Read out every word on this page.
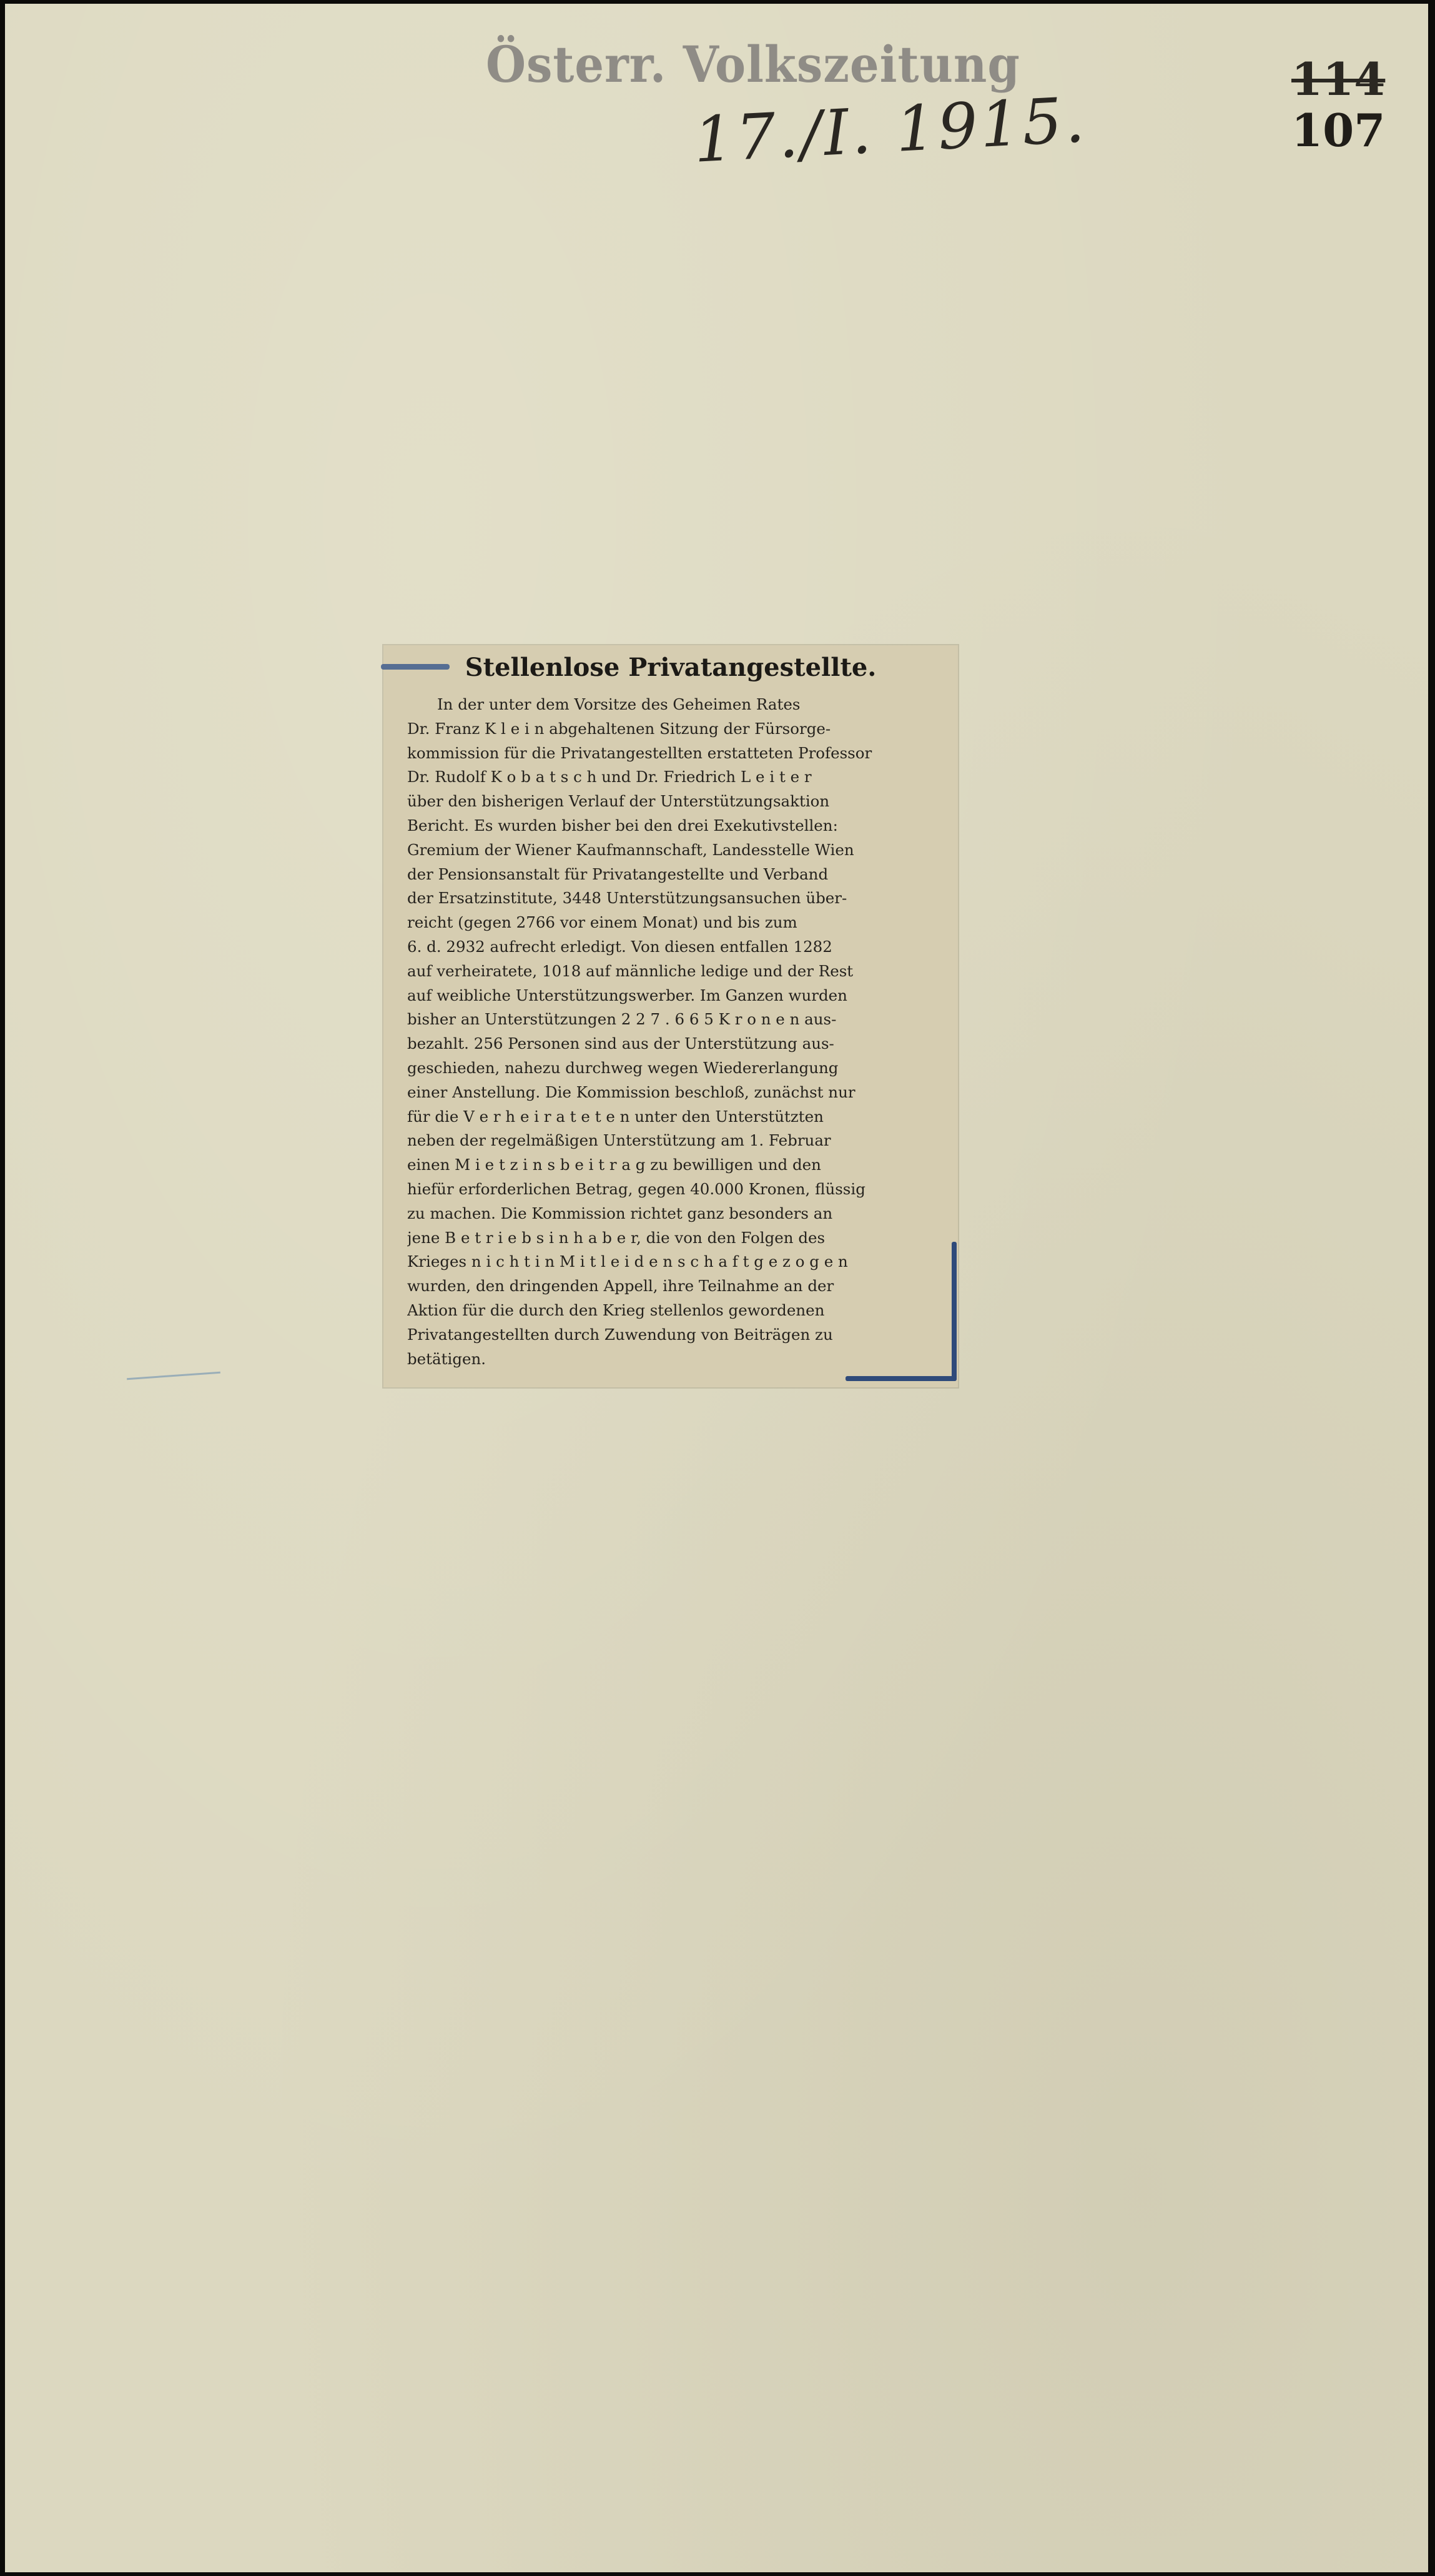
Österr. Volkszeitung
17./I. 1915.
114
107
Stellenlose Privatangestellte.
In der unter dem Vorsitze des Geheimen Rates
Dr. Franz K l e i n abgehaltenen Sitzung der Fürsorge-
kommission für die Privatangestellten erstatteten Professor
Dr. Rudolf K o b a t s c h und Dr. Friedrich L e i t e r
über den bisherigen Verlauf der Unterstützungsaktion
Bericht. Es wurden bisher bei den drei Exekutivstellen:
Gremium der Wiener Kaufmannschaft, Landesstelle Wien
der Pensionsanstalt für Privatangestellte und Verband
der Ersatzinstitute, 3448 Unterstützungsansuchen über-
reicht (gegen 2766 vor einem Monat) und bis zum
6. d. 2932 aufrecht erledigt. Von diesen entfallen 1282
auf verheiratete, 1018 auf männliche ledige und der Rest
auf weibliche Unterstützungswerber. Im Ganzen wurden
bisher an Unterstützungen 2 2 7 . 6 6 5 K r o n e n aus-
bezahlt. 256 Personen sind aus der Unterstützung aus-
geschieden, nahezu durchweg wegen Wiedererlangung
einer Anstellung. Die Kommission beschloß, zunächst nur
für die V e r h e i r a t e t e n unter den Unterstützten
neben der regelmäßigen Unterstützung am 1. Februar
einen M i e t z i n s b e i t r a g zu bewilligen und den
hiefür erforderlichen Betrag, gegen 40.000 Kronen, flüssig
zu machen. Die Kommission richtet ganz besonders an
jene B e t r i e b s i n h a b e r, die von den Folgen des
Krieges n i c h t i n M i t l e i d e n s c h a f t g e z o g e n
wurden, den dringenden Appell, ihre Teilnahme an der
Aktion für die durch den Krieg stellenlos gewordenen
Privatangestellten durch Zuwendung von Beiträgen zu
betätigen.
